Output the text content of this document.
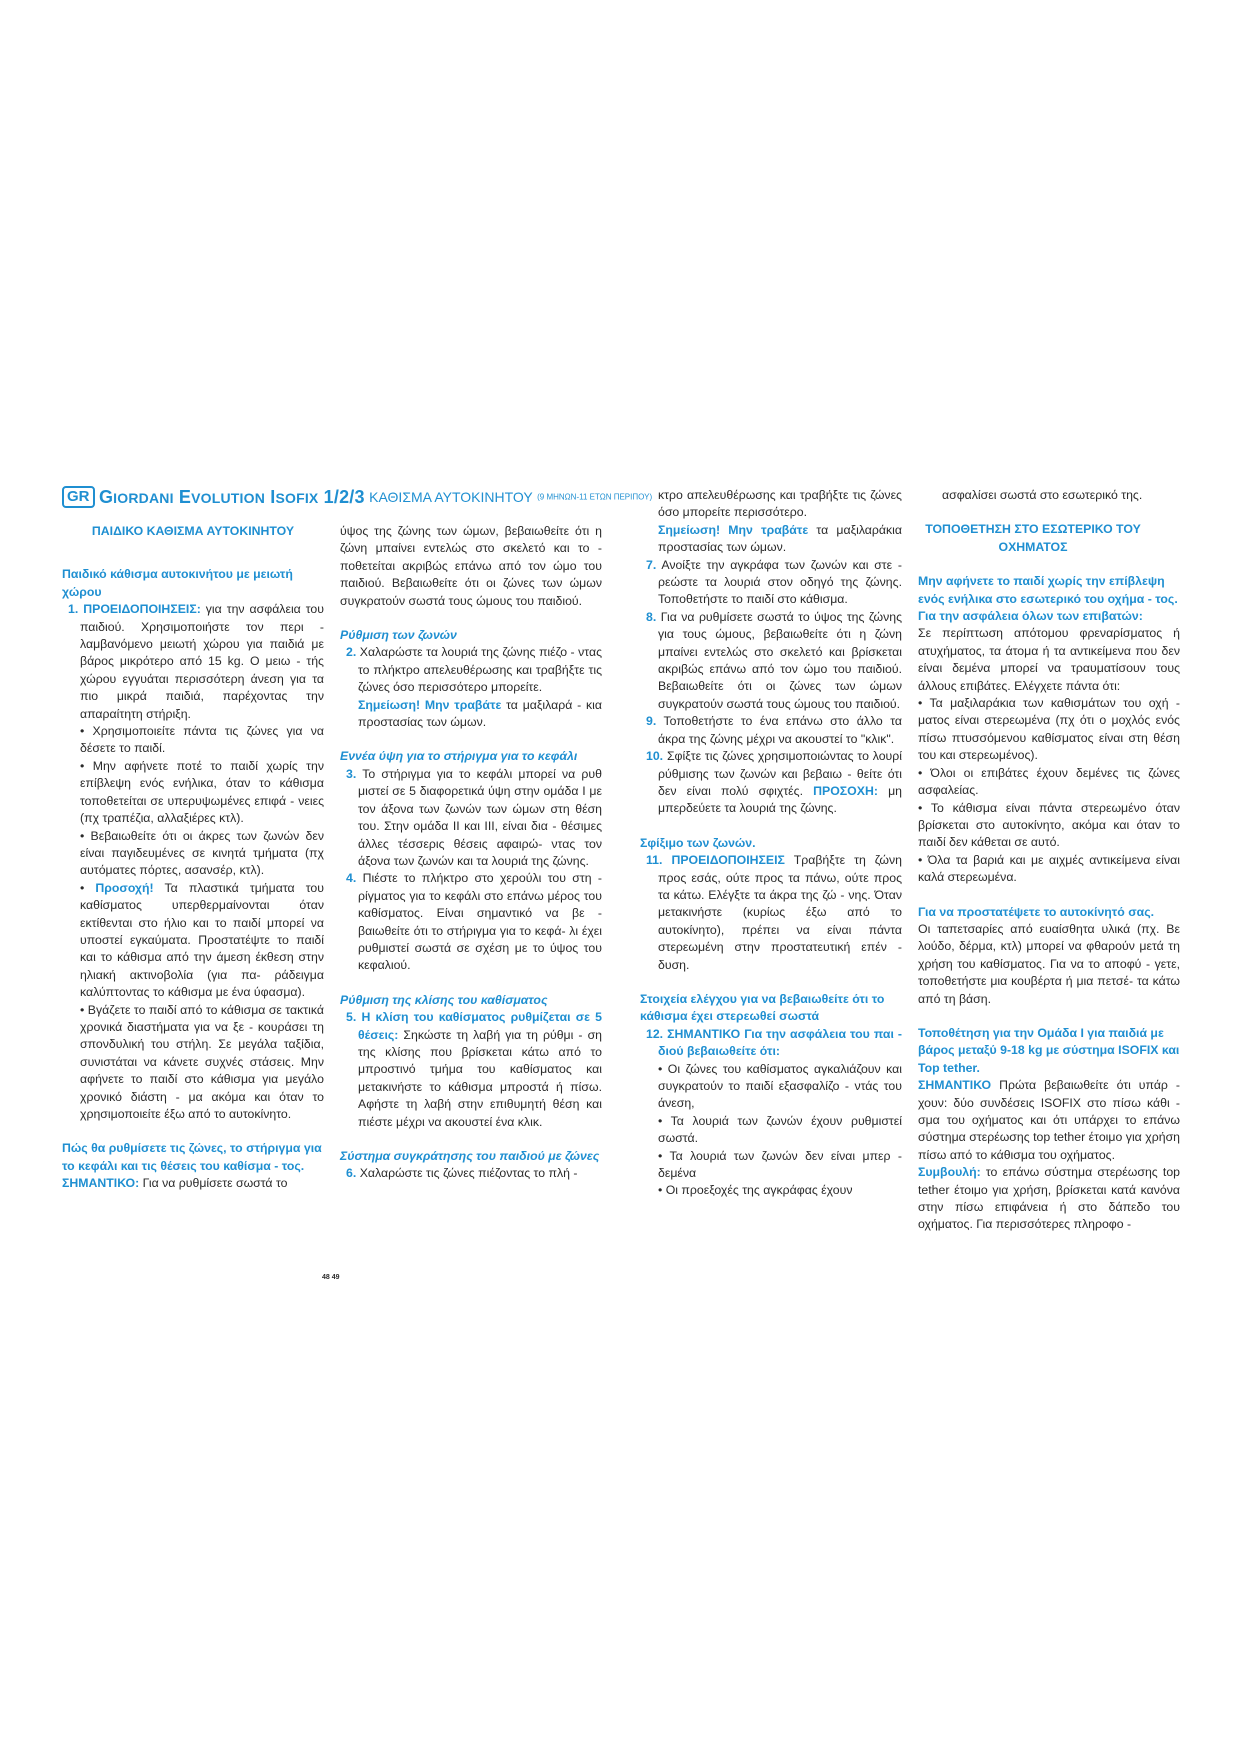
GR GIORDANI EVOLUTION ISOFIX 1/2/3 ΚΑΘΙΣΜΑ ΑΥΤΟΚΙΝΗΤΟΥ (9 ΜΗΝΩΝ-11 ΕΤΩΝ ΠΕΡΙΠΟΥ)

ΠΑΙΔΙΚΟ ΚΑΘΙΣΜΑ ΑΥΤΟΚΙΝΗΤΟΥ

Παιδικό κάθισμα αυτοκινήτου με μειωτή χώρου

1. ΠΡΟΕΙΔΟΠΟΙΗΣΕΙΣ: για την ασφάλεια του παιδιού. Χρησιμοποιήστε τον περι - λαμβανόμενο μειωτή χώρου για παιδιά με βάρος μικρότερο από 15 kg. Ο μειω - τής χώρου εγγυάται περισσότερη άνεση για τα πιο μικρά παιδιά, παρέχοντας την απαραίτητη στήριξη.

• Χρησιμοποιείτε πάντα τις ζώνες για να δέσετε το παιδί.

• Μην αφήνετε ποτέ το παιδί χωρίς την επίβλεψη ενός ενήλικα, όταν το κάθισμα τοποθετείται σε υπερυψωμένες επιφά - νειες (πχ τραπέζια, αλλαξιέρες κτλ).

• Βεβαιωθείτε ότι οι άκρες των ζωνών δεν είναι παγιδευμένες σε κινητά τμήματα (πχ αυτόματες πόρτες, ασανσέρ, κτλ).

• Προσοχή! Τα πλαστικά τμήματα του καθίσματος υπερθερμαίνονται όταν εκτίθενται στο ήλιο και το παιδί μπορεί να υποστεί εγκαύματα. Προστατέψτε το παιδί και το κάθισμα από την άμεση έκθεση στην ηλιακή ακτινοβολία (για πα- ράδειγμα καλύπτοντας το κάθισμα με ένα ύφασμα).

• Βγάζετε το παιδί από το κάθισμα σε τακτικά χρονικά διαστήματα για να ξε - κουράσει τη σπονδυλική του στήλη. Σε μεγάλα ταξίδια, συνιστάται να κάνετε συχνές στάσεις. Μην αφήνετε το παιδί στο κάθισμα για μεγάλο χρονικό διάστη - μα ακόμα και όταν το χρησιμοποιείτε έξω από το αυτοκίνητο.

Πώς θα ρυθμίσετε τις ζώνες, το στήριγμα για το κεφάλι και τις θέσεις του καθίσμα - τος.

ΣΗΜΑΝΤΙΚΟ: Για να ρυθμίσετε σωστά το

ύψος της ζώνης των ώμων, βεβαιωθείτε ότι η ζώνη μπαίνει εντελώς στο σκελετό και το - ποθετείται ακριβώς επάνω από τον ώμο του παιδιού. Βεβαιωθείτε ότι οι ζώνες των ώμων συγκρατούν σωστά τους ώμους του παιδιού.

Ρύθμιση των ζωνών

2. Χαλαρώστε τα λουριά της ζώνης πιέζο - ντας το πλήκτρο απελευθέρωσης και τραβήξτε τις ζώνες όσο περισσότερο μπορείτε.

Σημείωση! Μην τραβάτε τα μαξιλαρά - κια προστασίας των ώμων.

Εννέα ύψη για το στήριγμα για το κεφάλι

3. Το στήριγμα για το κεφάλι μπορεί να ρυθ μιστεί σε 5 διαφορετικά ύψη στην ομάδα Ι με τον άξονα των ζωνών των ώμων στη θέση του. Στην ομάδα ΙΙ και ΙΙΙ, είναι δια - θέσιμες άλλες τέσσερις θέσεις αφαιρώ- ντας τον άξονα των ζωνών και τα λουριά της ζώνης.

4. Πιέστε το πλήκτρο στο χερούλι του στη - ρίγματος για το κεφάλι στο επάνω μέρος του καθίσματος. Είναι σημαντικό να βε - βαιωθείτε ότι το στήριγμα για το κεφά- λι έχει ρυθμιστεί σωστά σε σχέση με το ύψος του κεφαλιού.

Ρύθμιση της κλίσης του καθίσματος

5. Η κλίση του καθίσματος ρυθμίζεται σε 5 θέσεις: Σηκώστε τη λαβή για τη ρύθμι - ση της κλίσης που βρίσκεται κάτω από το μπροστινό τμήμα του καθίσματος και μετακινήστε το κάθισμα μπροστά ή πίσω. Αφήστε τη λαβή στην επιθυμητή θέση και πιέστε μέχρι να ακουστεί ένα κλικ.

Σύστημα συγκράτησης του παιδιού με ζώνες

6. Χαλαρώστε τις ζώνες πιέζοντας το πλή -

κτρο απελευθέρωσης και τραβήξτε τις ζώνες όσο μπορείτε περισσότερο.

Σημείωση! Μην τραβάτε τα μαξιλαράκια προστασίας των ώμων.

7. Ανοίξτε την αγκράφα των ζωνών και στε - ρεώστε τα λουριά στον οδηγό της ζώνης. Τοποθετήστε το παιδί στο κάθισμα.

8. Για να ρυθμίσετε σωστά το ύψος της ζώνης για τους ώμους, βεβαιωθείτε ότι η ζώνη μπαίνει εντελώς στο σκελετό και βρίσκεται ακριβώς επάνω από τον ώμο του παιδιού. Βεβαιωθείτε ότι οι ζώνες των ώμων συγκρατούν σωστά τους ώμους του παιδιού.

9. Τοποθετήστε το ένα επάνω στο άλλο τα άκρα της ζώνης μέχρι να ακουστεί το "κλικ".

10. Σφίξτε τις ζώνες χρησιμοποιώντας το λουρί ρύθμισης των ζωνών και βεβαιω - θείτε ότι δεν είναι πολύ σφιχτές. ΠΡΟΣΟΧΗ: μη μπερδεύετε τα λουριά της ζώνης.

Σφίξιμο των ζωνών.

11. ΠΡΟΕΙΔΟΠΟΙΗΣΕΙΣ Τραβήξτε τη ζώνη προς εσάς, ούτε προς τα πάνω, ούτε προς τα κάτω. Ελέγξτε τα άκρα της ζώ - νης. Όταν μετακινήστε (κυρίως έξω από το αυτοκίνητο), πρέπει να είναι πάντα στερεωμένη στην προστατευτική επέν - δυση.

Στοιχεία ελέγχου για να βεβαιωθείτε ότι το κάθισμα έχει στερεωθεί σωστά

12. ΣΗΜΑΝΤΙΚΟ Για την ασφάλεια του παι - διού βεβαιωθείτε ότι:

• Οι ζώνες του καθίσματος αγκαλιάζουν και συγκρατούν το παιδί εξασφαλίζο - ντάς του άνεση,

• Τα λουριά των ζωνών έχουν ρυθμιστεί σωστά.

• Τα λουριά των ζωνών δεν είναι μπερ - δεμένα

• Οι προεξοχές της αγκράφας έχουν

ασφαλίσει σωστά στο εσωτερικό της.

ΤΟΠΟΘΕΤΗΣΗ ΣΤΟ ΕΣΩΤΕΡΙΚΟ ΤΟΥ ΟΧΗΜΑΤΟΣ

Μην αφήνετε το παιδί χωρίς την επίβλεψη ενός ενήλικα στο εσωτερικό του οχήμα - τος. Για την ασφάλεια όλων των επιβατών:

Σε περίπτωση απότομου φρεναρίσματος ή ατυχήματος, τα άτομα ή τα αντικείμενα που δεν είναι δεμένα μπορεί να τραυματίσουν τους άλλους επιβάτες. Ελέγχετε πάντα ότι:

• Τα μαξιλαράκια των καθισμάτων του οχή - ματος είναι στερεωμένα (πχ ότι ο μοχλός ενός πίσω πτυσσόμενου καθίσματος είναι στη θέση του και στερεωμένος).

• Όλοι οι επιβάτες έχουν δεμένες τις ζώνες ασφαλείας.

• Το κάθισμα είναι πάντα στερεωμένο όταν βρίσκεται στο αυτοκίνητο, ακόμα και όταν το παιδί δεν κάθεται σε αυτό.

• Όλα τα βαριά και με αιχμές αντικείμενα είναι καλά στερεωμένα.

Για να προστατέψετε το αυτοκίνητό σας.

Οι ταπετσαρίες από ευαίσθητα υλικά (πχ. Βε λούδο, δέρμα, κτλ) μπορεί να φθαρούν μετά τη χρήση του καθίσματος. Για να το αποφύ - γετε, τοποθετήστε μια κουβέρτα ή μια πετσέ- τα κάτω από τη βάση.

Τοποθέτηση για την Ομάδα Ι για παιδιά με βάρος μεταξύ 9-18 kg με σύστημα ISOFIX και Top tether.

ΣΗΜΑΝΤΙΚΟ Πρώτα βεβαιωθείτε ότι υπάρ - χουν: δύο συνδέσεις ISOFIX στο πίσω κάθι - σμα του οχήματος και ότι υπάρχει το επάνω σύστημα στερέωσης top tether έτοιμο για χρήση πίσω από το κάθισμα του οχήματος.

Συμβουλή: το επάνω σύστημα στερέωσης top tether έτοιμο για χρήση, βρίσκεται κατά κανόνα στην πίσω επιφάνεια ή στο δάπεδο του οχήματος. Για περισσότερες πληροφο -

48 49
